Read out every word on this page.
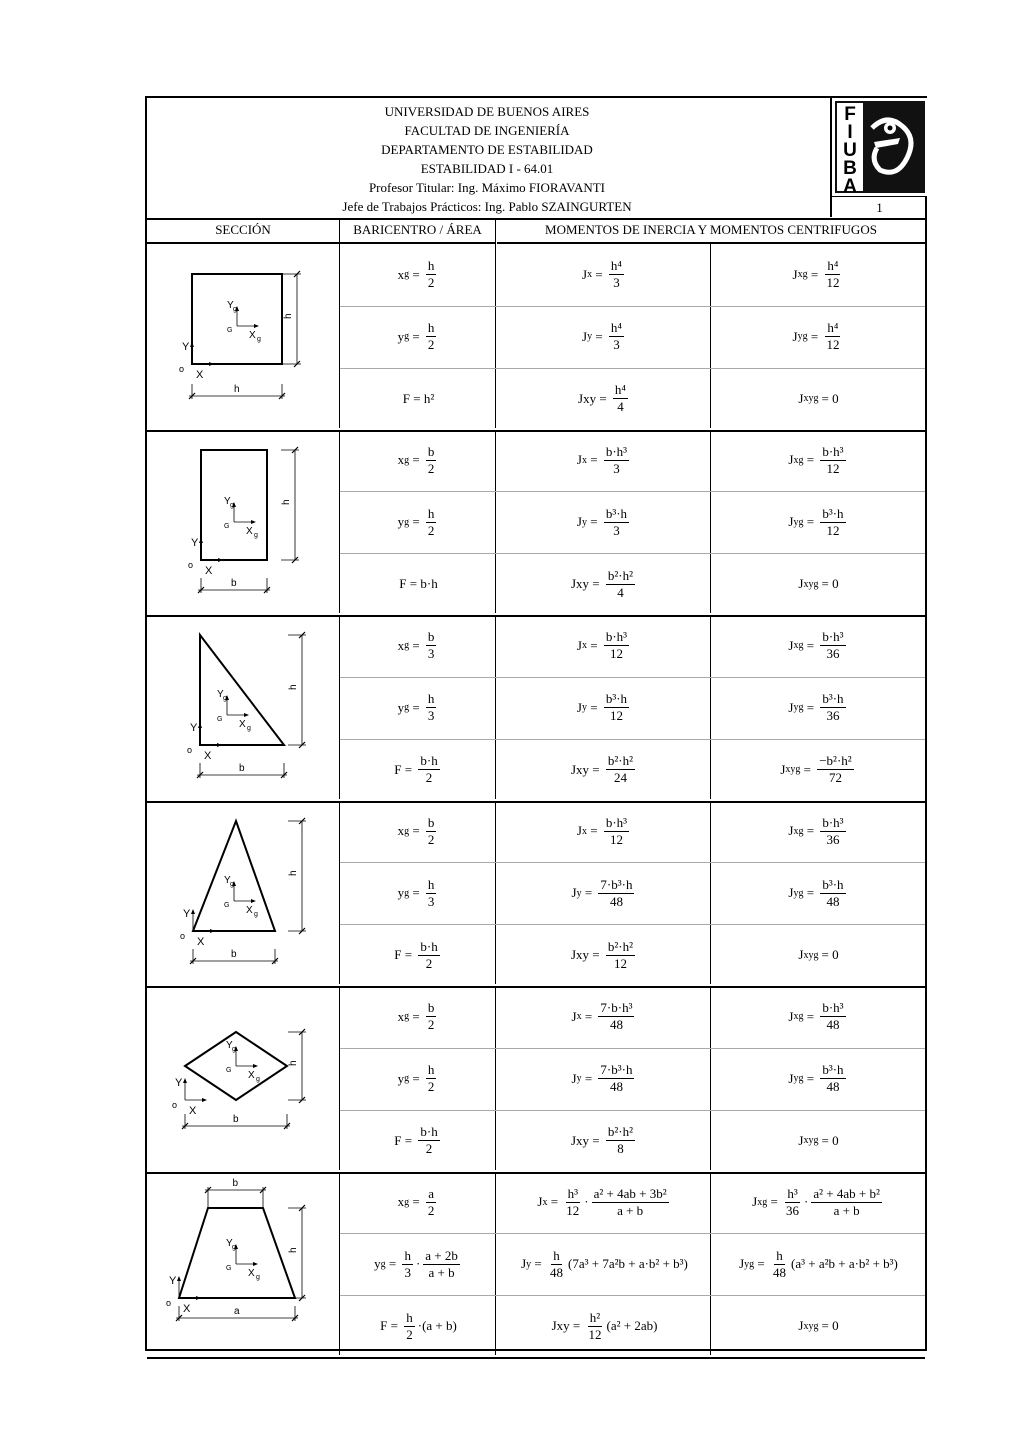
UNIVERSIDAD DE BUENOS AIRES
FACULTAD DE INGENIERÍA
DEPARTAMENTO DE ESTABILIDAD
ESTABILIDAD I - 64.01
Profesor Titular: Ing. Máximo FIORAVANTI
Jefe de Trabajos Prácticos: Ing. Pablo SZAINGURTEN
F
I
U
B
A
1
SECCIÓN	BARICENTRO / ÁREA	MOMENTOS DE INERCIA Y MOMENTOS CENTRIFUGOS
Y
X
o
Y g
X g
G
h
h
x $g = \frac{h}{2}$	J $x = \frac{\text{h⁴}}{3}$	J xg = $\frac{\text{h⁴}}{12}$
y $g = \frac{h}{2}$	J $y = \frac{\text{h⁴}}{3}$	J yg = $\frac{\text{h⁴}}{12}$
F = h²	Jxy = $\frac{\text{h⁴}}{4}$	J xyg = 0
Y
X
o
Y g
X g
G
h
b
x $g = \frac{b}{2}$	J $x = \frac{\text{b·h³}}{3}$	J xg = $\frac{\text{b·h³}}{12}$
y $g = \frac{h}{2}$	J $y = \frac{\text{b³·h}}{3}$	J yg = $\frac{\text{b³·h}}{12}$
F = b·h	Jxy = $\frac{\text{b²·h²}}{4}$	J xyg = 0
Y
X
o
Y g
X g
G
h
b
x $g = \frac{b}{3}$	J $x = \frac{\text{b·h³}}{12}$	J xg = $\frac{\text{b·h³}}{36}$
y $g = \frac{h}{3}$	J $y = \frac{\text{b³·h}}{12}$	J yg = $\frac{\text{b³·h}}{36}$
$F = \frac{b\cdot h}{2}$	Jxy = $\frac{\text{b²·h²}}{24}$	J xyg = $\frac{\text{−b²·h²}}{72}$
Y
X
o
Y g
X g
G
h
b
x $g = \frac{b}{2}$	J $x = \frac{\text{b·h³}}{12}$	J xg = $\frac{\text{b·h³}}{36}$
y $g = \frac{h}{3}$	J $y = \frac{\text{7·b³·h}}{48}$	J yg = $\frac{\text{b³·h}}{48}$
$F = \frac{b\cdot h}{2}$	Jxy = $\frac{\text{b²·h²}}{12}$	J xyg = 0
Y
X
o
Y g
X g
G
h
b
x $g = \frac{b}{2}$	J $x = \frac{\text{7·b·h³}}{48}$	J xg = $\frac{\text{b·h³}}{48}$
y $g = \frac{h}{2}$	J $y = \frac{\text{7·b³·h}}{48}$	J yg = $\frac{\text{b³·h}}{48}$
$F = \frac{b\cdot h}{2}$	Jxy = $\frac{\text{b²·h²}}{8}$	J xyg = 0
Y
X
o
Y g
X g
G
h
a
b
x $g = \frac{a}{2}$	J $x = \frac{\text{h³}}{12} \cdot \frac{\text{a² + 4ab + 3b²}}{a + b}$	J xg = $\frac{\text{h³}}{36} \cdot \frac{\text{a² + 4ab + b²}}{a + b}$
y $g = \frac{h}{3} \cdot \frac{a + 2b}{a + b}$	J $y = \frac{h}{48} (7a^3 + 7a^2b + a\cdot b^2 + b^3)$	J yg = $\frac{h}{48} (a^3 + a^2b + a\cdot b^2 + b^3)$
$F = \frac{h}{2} \cdot(a + b)$	Jxy = $\frac{\text{h²}}{12} (a^2 + 2ab)$	J xyg = 0
